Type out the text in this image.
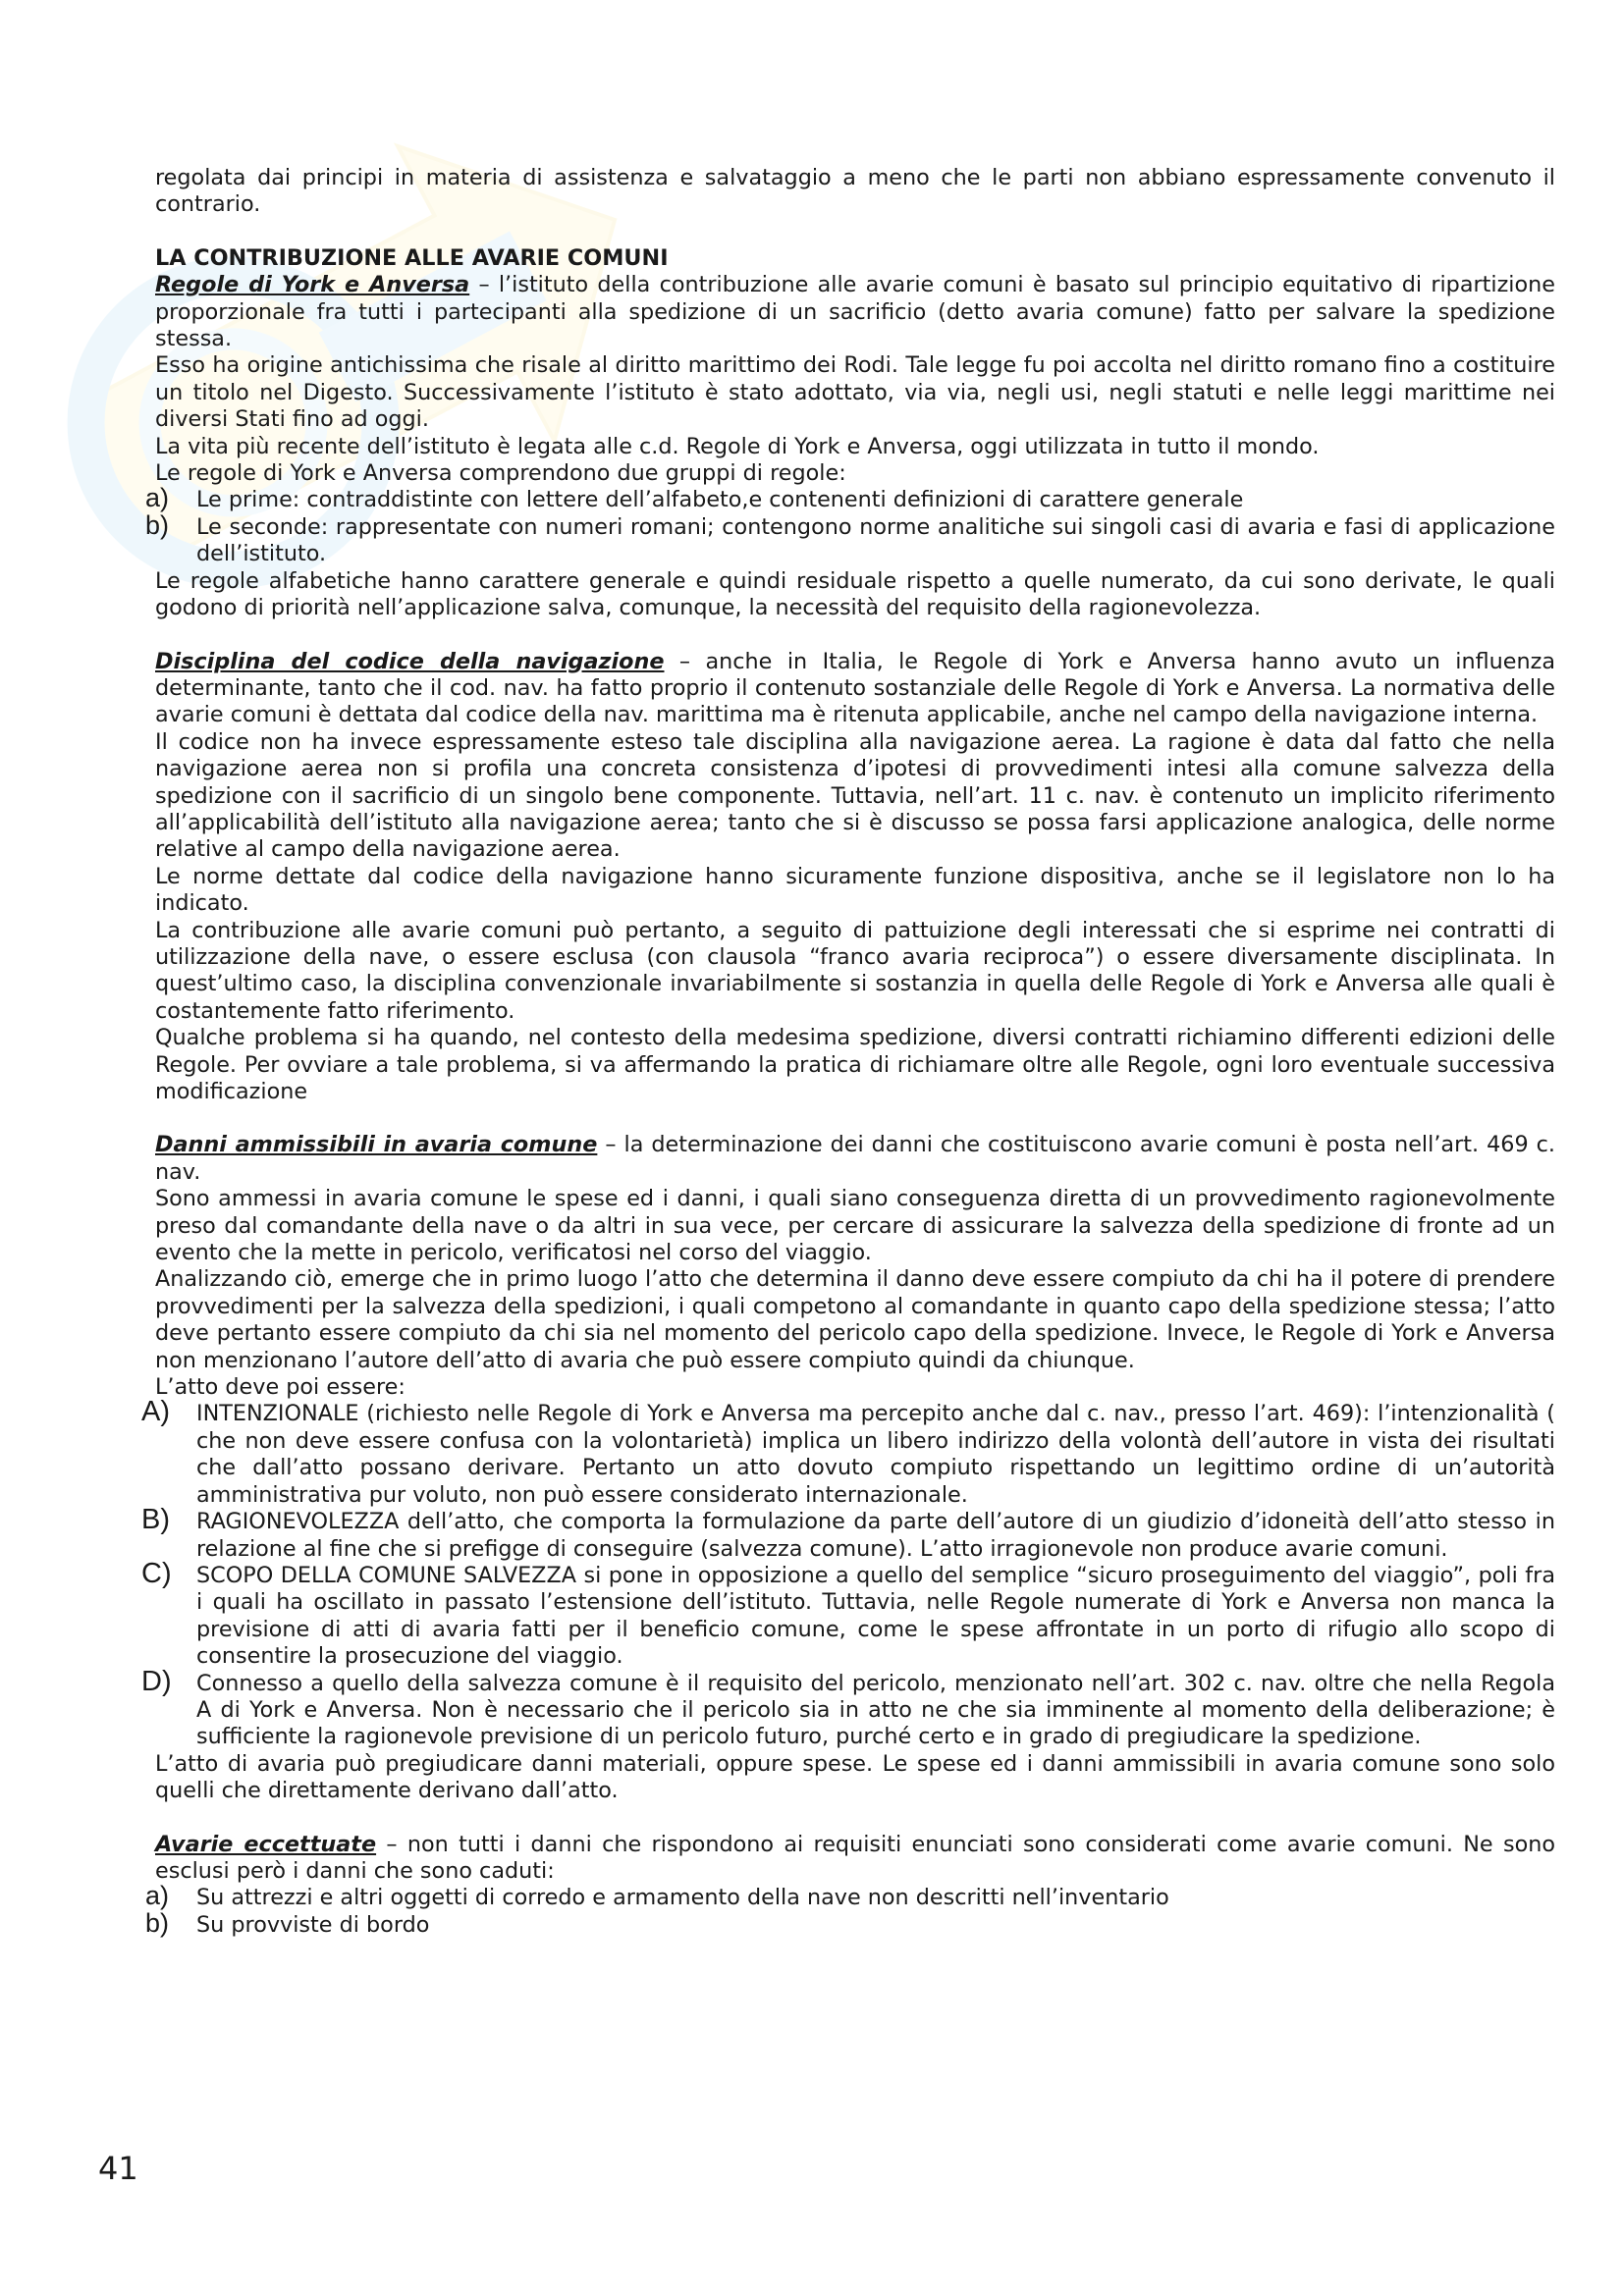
regolata dai principi in materia di assistenza e salvataggio a meno che le parti non abbiano espressamente convenuto il contrario.

LA CONTRIBUZIONE ALLE AVARIE COMUNI

Regole di York e Anversa – l’istituto della contribuzione alle avarie comuni è basato sul principio equitativo di ripartizione proporzionale fra tutti i partecipanti alla spedizione di un sacrificio (detto avaria comune) fatto per salvare la spedizione stessa.

Esso ha origine antichissima che risale al diritto marittimo dei Rodi. Tale legge fu poi accolta nel diritto romano fino a costituire un titolo nel Digesto. Successivamente l’istituto è stato adottato, via via, negli usi, negli statuti e nelle leggi marittime nei diversi Stati fino ad oggi.

La vita più recente dell’istituto è legata alle c.d. Regole di York e Anversa, oggi utilizzata in tutto il mondo.

Le regole di York e Anversa comprendono due gruppi di regole:

a) Le prime: contraddistinte con lettere dell’alfabeto,e contenenti definizioni di carattere generale
b) Le seconde: rappresentate con numeri romani; contengono norme analitiche sui singoli casi di avaria e fasi di applicazione dell’istituto.

Le regole alfabetiche hanno carattere generale e quindi residuale rispetto a quelle numerato, da cui sono derivate, le quali godono di priorità nell’applicazione salva, comunque, la necessità del requisito della ragionevolezza.

Disciplina del codice della navigazione – anche in Italia, le Regole di York e Anversa hanno avuto un influenza determinante, tanto che il cod. nav. ha fatto proprio il contenuto sostanziale delle Regole di York e Anversa. La normativa delle avarie comuni è dettata dal codice della nav. marittima ma è ritenuta applicabile, anche nel campo della navigazione interna.

Il codice non ha invece espressamente esteso tale disciplina alla navigazione aerea. La ragione è data dal fatto che nella navigazione aerea non si profila una concreta consistenza d’ipotesi di provvedimenti intesi alla comune salvezza della spedizione con il sacrificio di un singolo bene componente. Tuttavia, nell’art. 11 c. nav. è contenuto un implicito riferimento all’applicabilità dell’istituto alla navigazione aerea; tanto che si è discusso se possa farsi applicazione analogica, delle norme relative al campo della navigazione aerea.

Le norme dettate dal codice della navigazione hanno sicuramente funzione dispositiva, anche se il legislatore non lo ha indicato.

La contribuzione alle avarie comuni può pertanto, a seguito di pattuizione degli interessati che si esprime nei contratti di utilizzazione della nave, o essere esclusa (con clausola “franco avaria reciproca”) o essere diversamente disciplinata. In quest’ultimo caso, la disciplina convenzionale invariabilmente si sostanzia in quella delle Regole di York e Anversa alle quali è costantemente fatto riferimento.

Qualche problema si ha quando, nel contesto della medesima spedizione, diversi contratti richiamino differenti edizioni delle Regole. Per ovviare a tale problema, si va affermando la pratica di richiamare oltre alle Regole, ogni loro eventuale successiva modificazione

Danni ammissibili in avaria comune – la determinazione dei danni che costituiscono avarie comuni è posta nell’art. 469 c. nav.

Sono ammessi in avaria comune le spese ed i danni, i quali siano conseguenza diretta di un provvedimento ragionevolmente preso dal comandante della nave o da altri in sua vece, per cercare di assicurare la salvezza della spedizione di fronte ad un evento che la mette in pericolo, verificatosi nel corso del viaggio.

Analizzando ciò, emerge che in primo luogo l’atto che determina il danno deve essere compiuto da chi ha il potere di prendere provvedimenti per la salvezza della spedizioni, i quali competono al comandante in quanto capo della spedizione stessa; l’atto deve pertanto essere compiuto da chi sia nel momento del pericolo capo della spedizione. Invece, le Regole di York e Anversa non menzionano l’autore dell’atto di avaria che può essere compiuto quindi da chiunque.

L’atto deve poi essere:

A) INTENZIONALE (richiesto nelle Regole di York e Anversa ma percepito anche dal c. nav., presso l’art. 469): l’intenzionalità ( che non deve essere confusa con la volontarietà) implica un libero indirizzo della volontà dell’autore in vista dei risultati che dall’atto possano derivare. Pertanto un atto dovuto compiuto rispettando un legittimo ordine di un’autorità amministrativa pur voluto, non può essere considerato internazionale.
B) RAGIONEVOLEZZA dell’atto, che comporta la formulazione da parte dell’autore di un giudizio d’idoneità dell’atto stesso in relazione al fine che si prefigge di conseguire (salvezza comune). L’atto irragionevole non produce avarie comuni.
C) SCOPO DELLA COMUNE SALVEZZA si pone in opposizione a quello del semplice “sicuro proseguimento del viaggio”, poli fra i quali ha oscillato in passato l’estensione dell’istituto. Tuttavia, nelle Regole numerate di York e Anversa non manca la previsione di atti di avaria fatti per il beneficio comune, come le spese affrontate in un porto di rifugio allo scopo di consentire la prosecuzione del viaggio.
D) Connesso a quello della salvezza comune è il requisito del pericolo, menzionato nell’art. 302 c. nav. oltre che nella Regola A di York e Anversa. Non è necessario che il pericolo sia in atto ne che sia imminente al momento della deliberazione; è sufficiente la ragionevole previsione di un pericolo futuro, purché certo e in grado di pregiudicare la spedizione.

L’atto di avaria può pregiudicare danni materiali, oppure spese. Le spese ed i danni ammissibili in avaria comune sono solo quelli che direttamente derivano dall’atto.

Avarie eccettuate – non tutti i danni che rispondono ai requisiti enunciati sono considerati come avarie comuni. Ne sono esclusi però i danni che sono caduti:

a) Su attrezzi e altri oggetti di corredo e armamento della nave non descritti nell’inventario
b) Su provviste di bordo
41
